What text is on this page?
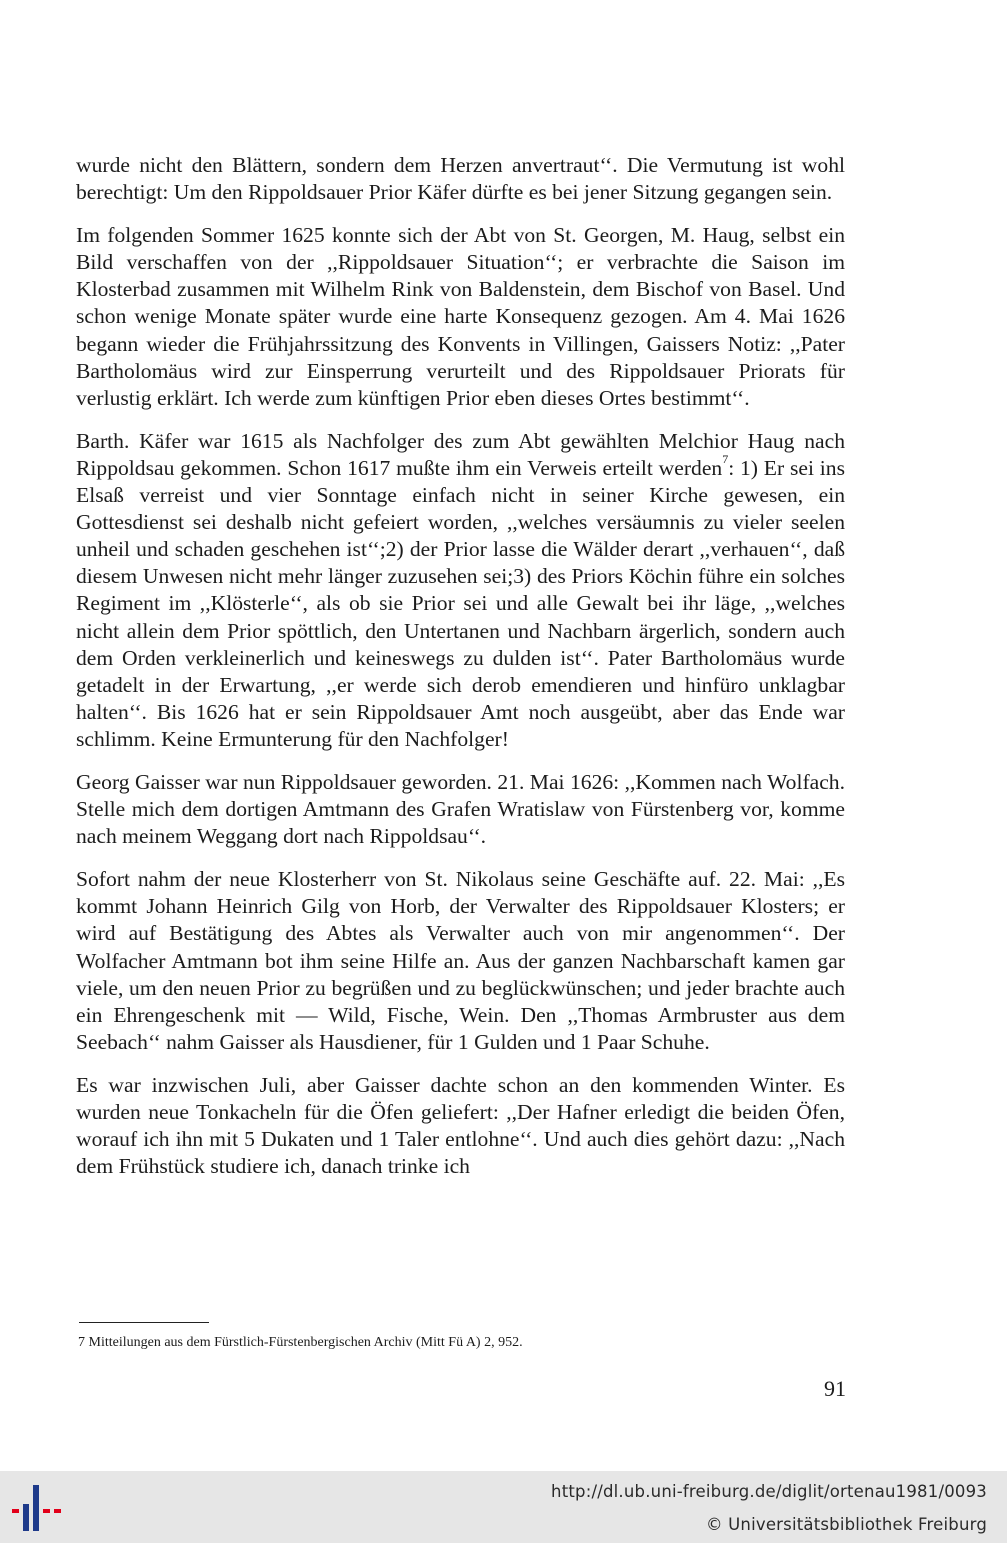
wurde nicht den Blättern, sondern dem Herzen anvertraut‘‘. Die Vermutung ist wohl berechtigt: Um den Rippoldsauer Prior Käfer dürfte es bei jener Sitzung gegangen sein.

Im folgenden Sommer 1625 konnte sich der Abt von St. Georgen, M. Haug, selbst ein Bild verschaffen von der ,,Rippoldsauer Situation‘‘; er verbrachte die Saison im Klosterbad zusammen mit Wilhelm Rink von Baldenstein, dem Bischof von Basel. Und schon wenige Monate später wurde eine harte Konsequenz gezogen. Am 4. Mai 1626 begann wieder die Frühjahrssitzung des Konvents in Villingen, Gaissers Notiz: ,,Pater Bartholomäus wird zur Einsperrung verurteilt und des Rippoldsauer Priorats für verlustig erklärt. Ich werde zum künftigen Prior eben dieses Ortes bestimmt‘‘.

Barth. Käfer war 1615 als Nachfolger des zum Abt gewählten Melchior Haug nach Rippoldsau gekommen. Schon 1617 mußte ihm ein Verweis erteilt werden$^7$: 1) Er sei ins Elsaß verreist und vier Sonntage einfach nicht in seiner Kirche gewesen, ein Gottesdienst sei deshalb nicht gefeiert worden, ,,welches versäumnis zu vieler seelen unheil und schaden geschehen ist‘‘;2) der Prior lasse die Wälder derart ,,verhauen‘‘, daß diesem Unwesen nicht mehr länger zuzusehen sei;3) des Priors Köchin führe ein solches Regiment im ,,Klösterle‘‘, als ob sie Prior sei und alle Gewalt bei ihr läge, ,,welches nicht allein dem Prior spöttlich, den Untertanen und Nachbarn ärgerlich, sondern auch dem Orden verkleinerlich und keineswegs zu dulden ist‘‘. Pater Bartholomäus wurde getadelt in der Erwartung, ,,er werde sich derob emendieren und hinfüro unklagbar halten‘‘. Bis 1626 hat er sein Rippoldsauer Amt noch ausgeübt, aber das Ende war schlimm. Keine Ermunterung für den Nachfolger!

Georg Gaisser war nun Rippoldsauer geworden. 21. Mai 1626: ,,Kommen nach Wolfach. Stelle mich dem dortigen Amtmann des Grafen Wratislaw von Fürstenberg vor, komme nach meinem Weggang dort nach Rippoldsau‘‘.

Sofort nahm der neue Klosterherr von St. Nikolaus seine Geschäfte auf. 22. Mai: ,,Es kommt Johann Heinrich Gilg von Horb, der Verwalter des Rippoldsauer Klosters; er wird auf Bestätigung des Abtes als Verwalter auch von mir angenommen‘‘. Der Wolfacher Amtmann bot ihm seine Hilfe an. Aus der ganzen Nachbarschaft kamen gar viele, um den neuen Prior zu begrüßen und zu beglückwünschen; und jeder brachte auch ein Ehrengeschenk mit — Wild, Fische, Wein. Den ,,Thomas Armbruster aus dem Seebach‘‘ nahm Gaisser als Hausdiener, für 1 Gulden und 1 Paar Schuhe.

Es war inzwischen Juli, aber Gaisser dachte schon an den kommenden Winter. Es wurden neue Tonkacheln für die Öfen geliefert: ,,Der Hafner erledigt die beiden Öfen, worauf ich ihn mit 5 Dukaten und 1 Taler entlohne‘‘. Und auch dies gehört dazu: ,,Nach dem Frühstück studiere ich, danach trinke ich

7 Mitteilungen aus dem Fürstlich-Fürstenbergischen Archiv (Mitt Fü A) 2, 952.
91
http://dl.ub.uni-freiburg.de/diglit/ortenau1981/0093
© Universitätsbibliothek Freiburg
